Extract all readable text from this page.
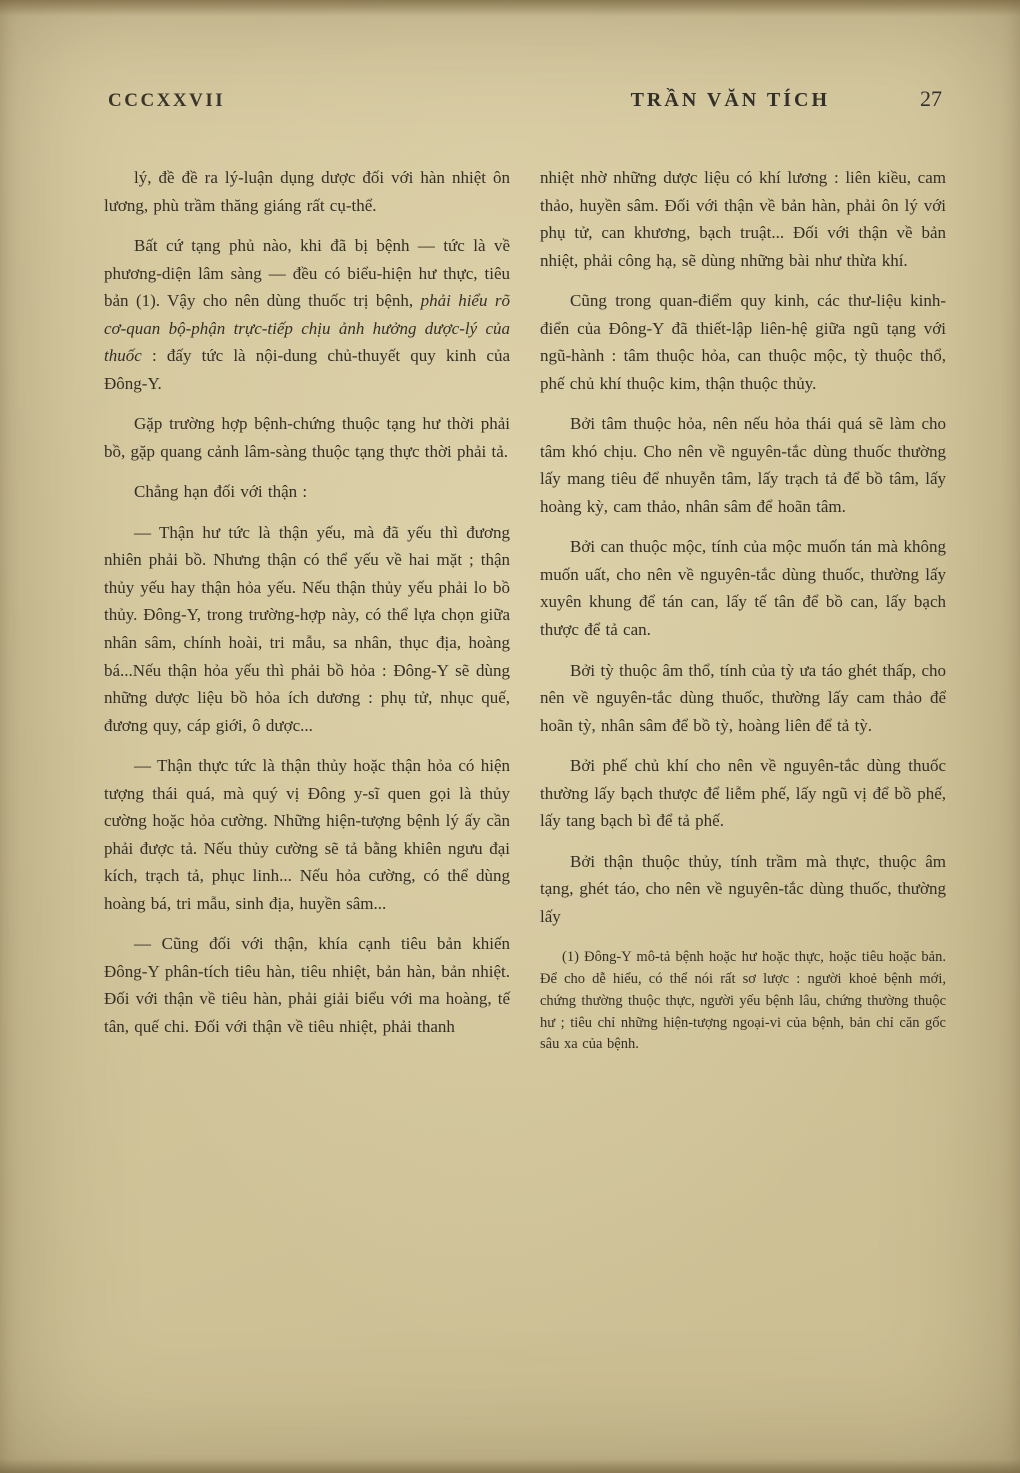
CCCXXVII	TRẦN VĂN TÍCH	27

lý, đề đề ra lý-luận dụng dược đối với hàn nhiệt ôn lương, phù trầm thăng giáng rất cụ-thể.

Bất cứ tạng phủ nào, khi đã bị bệnh — tức là về phương-diện lâm sàng — đều có biểu-hiện hư thực, tiêu bản (1). Vậy cho nên dùng thuốc trị bệnh, phải hiểu rõ cơ-quan bộ-phận trực-tiếp chịu ảnh hưởng dược-lý của thuốc : đấy tức là nội-dung chủ-thuyết quy kinh của Đông-Y.

Gặp trường hợp bệnh-chứng thuộc tạng hư thời phải bồ, gặp quang cảnh lâm-sàng thuộc tạng thực thời phải tả.

Chẳng hạn đối với thận :

— Thận hư tức là thận yếu, mà đã yếu thì đương nhiên phải bồ. Nhưng thận có thể yếu về hai mặt ; thận thủy yếu hay thận hỏa yếu. Nếu thận thủy yếu phải lo bồ thủy. Đông-Y, trong trường-hợp này, có thể lựa chọn giữa nhân sâm, chính hoài, tri mẫu, sa nhân, thục địa, hoàng bá...Nếu thận hỏa yếu thì phải bồ hỏa : Đông-Y sẽ dùng những dược liệu bồ hỏa ích dương : phụ tử, nhục quế, đương quy, cáp giới, ô dược...

— Thận thực tức là thận thủy hoặc thận hỏa có hiện tượng thái quá, mà quý vị Đông y-sĩ quen gọi là thủy cường hoặc hỏa cường. Những hiện-tượng bệnh lý ấy cần phải được tả. Nếu thủy cường sẽ tả bằng khiên ngưu đại kích, trạch tả, phục linh... Nếu hỏa cường, có thể dùng hoàng bá, tri mẫu, sinh địa, huyền sâm...

— Cũng đối với thận, khía cạnh tiêu bản khiến Đông-Y phân-tích tiêu hàn, tiêu nhiệt, bản hàn, bản nhiệt. Đối với thận về tiêu hàn, phải giải biểu với ma hoàng, tế tân, quế chi. Đối với thận về tiêu nhiệt, phải thanh

nhiệt nhờ những dược liệu có khí lương : liên kiều, cam thảo, huyền sâm. Đối với thận về bản hàn, phải ôn lý với phụ tử, can khương, bạch truật... Đối với thận về bản nhiệt, phải công hạ, sẽ dùng những bài như thừa khí.

Cũng trong quan-điểm quy kinh, các thư-liệu kinh-điển của Đông-Y đã thiết-lập liên-hệ giữa ngũ tạng với ngũ-hành : tâm thuộc hỏa, can thuộc mộc, tỳ thuộc thổ, phế chủ khí thuộc kim, thận thuộc thủy.

Bởi tâm thuộc hỏa, nên nếu hỏa thái quá sẽ làm cho tâm khó chịu. Cho nên về nguyên-tắc dùng thuốc thường lấy mang tiêu để nhuyễn tâm, lấy trạch tả để bồ tâm, lấy hoàng kỳ, cam thảo, nhân sâm để hoãn tâm.

Bởi can thuộc mộc, tính của mộc muốn tán mà không muốn uất, cho nên về nguyên-tắc dùng thuốc, thường lấy xuyên khung để tán can, lấy tế tân để bồ can, lấy bạch thược để tả can.

Bởi tỳ thuộc âm thổ, tính của tỳ ưa táo ghét thấp, cho nên về nguyên-tắc dùng thuốc, thường lấy cam thảo để hoãn tỳ, nhân sâm để bồ tỳ, hoàng liên để tả tỳ.

Bởi phế chủ khí cho nên về nguyên-tắc dùng thuốc thường lấy bạch thược để liễm phế, lấy ngũ vị để bồ phế, lấy tang bạch bì để tả phế.

Bởi thận thuộc thủy, tính trầm mà thực, thuộc âm tạng, ghét táo, cho nên về nguyên-tắc dùng thuốc, thường lấy

(1) Đông-Y mô-tả bệnh hoặc hư hoặc thực, hoặc tiêu hoặc bản. Để cho dễ hiểu, có thể nói rất sơ lược : người khoẻ bệnh mới, chứng thường thuộc thực, người yếu bệnh lâu, chứng thường thuộc hư ; tiêu chỉ những hiện-tượng ngoại-vi của bệnh, bản chỉ căn gốc sâu xa của bệnh.
